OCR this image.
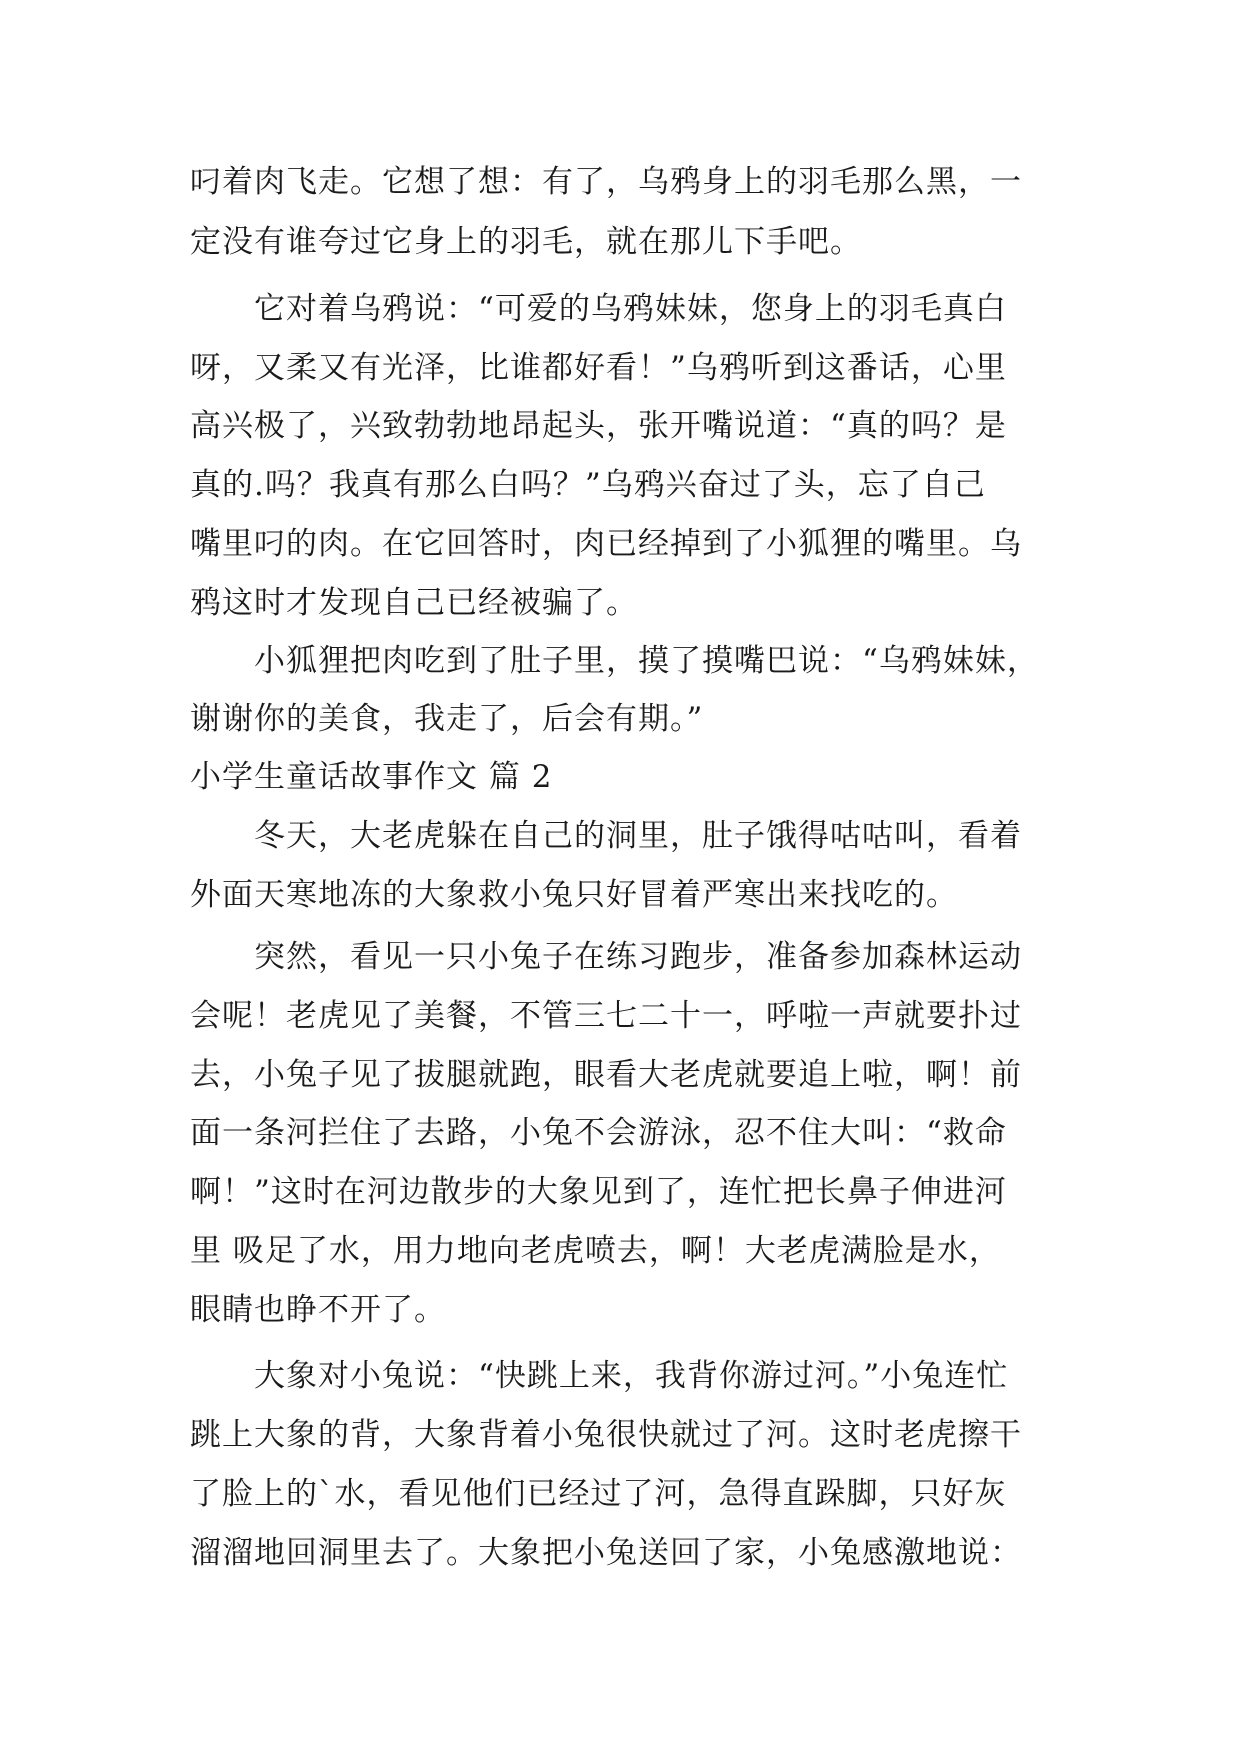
叼着肉飞走。它想了想：有了，乌鸦身上的羽毛那么黑，一
定没有谁夸过它身上的羽毛，就在那儿下手吧。
它对着乌鸦说：“可爱的乌鸦妹妹，您身上的羽毛真白
呀，又柔又有光泽，比谁都好看！”乌鸦听到这番话，心里
高兴极了，兴致勃勃地昂起头，张开嘴说道：“真的吗？是
真的.吗？我真有那么白吗？”乌鸦兴奋过了头，忘了自己
嘴里叼的肉。在它回答时，肉已经掉到了小狐狸的嘴里。乌
鸦这时才发现自己已经被骗了。
小狐狸把肉吃到了肚子里，摸了摸嘴巴说：“乌鸦妹妹，
谢谢你的美食，我走了，后会有期。”
小学生童话故事作文 篇 2
冬天，大老虎躲在自己的洞里，肚子饿得咕咕叫，看着
外面天寒地冻的大象救小兔只好冒着严寒出来找吃的。
突然，看见一只小兔子在练习跑步，准备参加森林运动
会呢！老虎见了美餐，不管三七二十一，呼啦一声就要扑过
去，小兔子见了拔腿就跑，眼看大老虎就要追上啦，啊！前
面一条河拦住了去路，小兔不会游泳，忍不住大叫：“救命
啊！”这时在河边散步的大象见到了，连忙把长鼻子伸进河
里 吸足了水，用力地向老虎喷去，啊！大老虎满脸是水，
眼睛也睁不开了。
大象对小兔说：“快跳上来，我背你游过河。”小兔连忙
跳上大象的背，大象背着小兔很快就过了河。这时老虎擦干
了脸上的`水，看见他们已经过了河，急得直跺脚，只好灰
溜溜地回洞里去了。大象把小兔送回了家，小兔感激地说：
